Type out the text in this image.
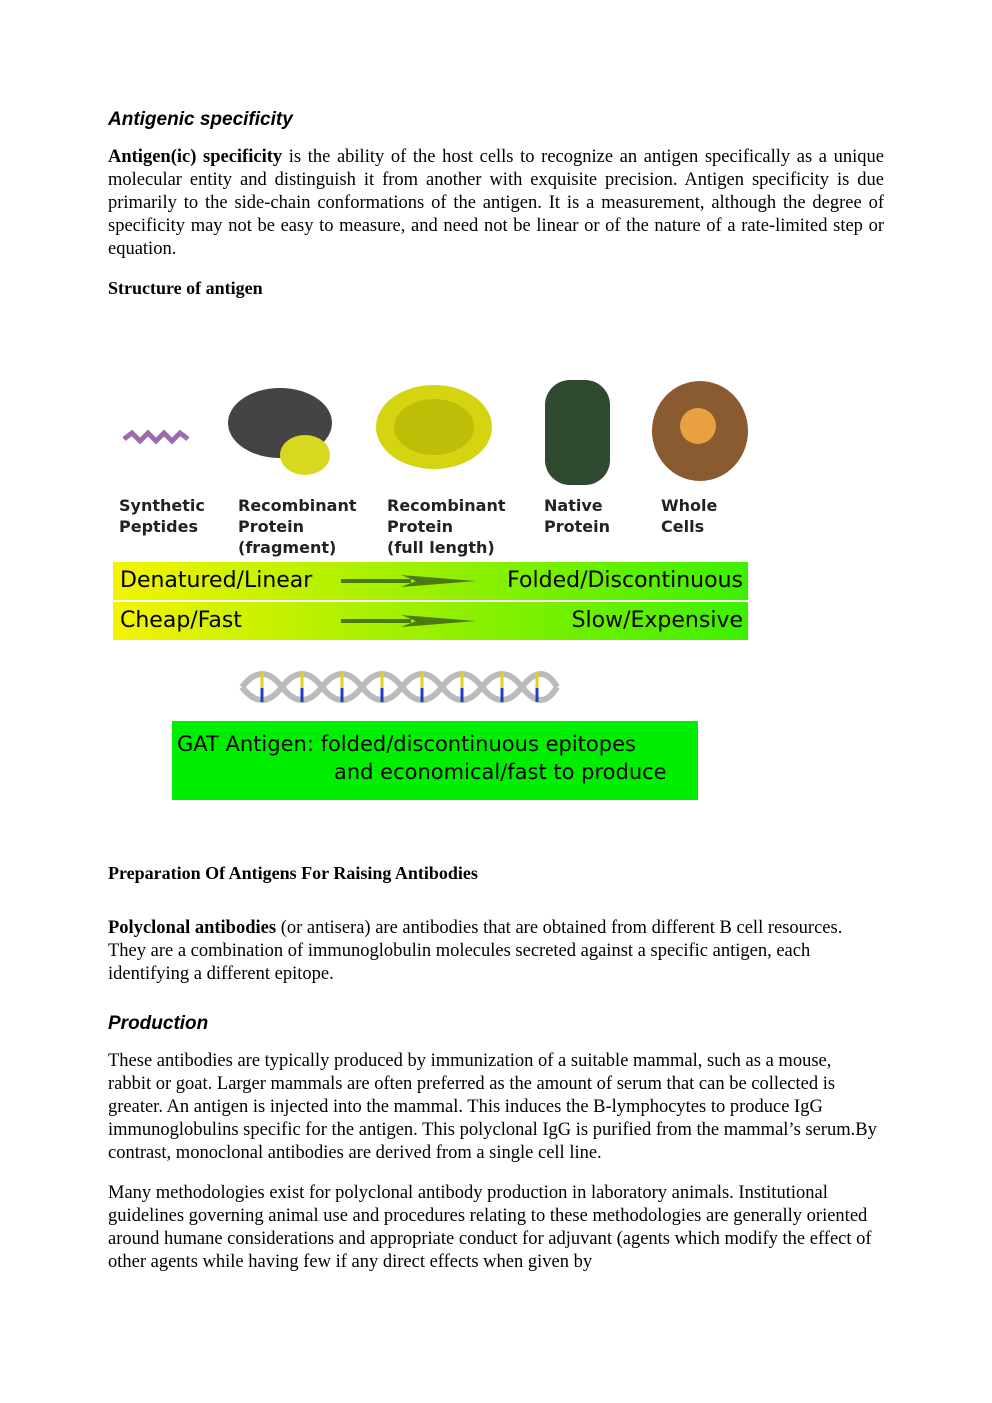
Antigenic specificity

Antigen(ic) specificity is the ability of the host cells to recognize an antigen specifically as a unique molecular entity and distinguish it from another with exquisite precision. Antigen specificity is due primarily to the side-chain conformations of the antigen. It is a measurement, although the degree of specificity may not be easy to measure, and need not be linear or of the nature of a rate-limited step or equation.

Structure of antigen
Synthetic
Peptides
Recombinant
Protein
(fragment)
Recombinant
Protein
(full length)
Native
Protein
Whole
Cells
Denatured/Linear	Folded/Discontinuous
Cheap/Fast	Slow/Expensive
GAT Antigen: folded/discontinuous epitopes
and economical/fast to produce
Preparation Of Antigens For Raising Antibodies

Polyclonal antibodies (or antisera) are antibodies that are obtained from different B cell resources. They are a combination of immunoglobulin molecules secreted against a specific antigen, each identifying a different epitope.

Production

These antibodies are typically produced by immunization of a suitable mammal, such as a mouse, rabbit or goat. Larger mammals are often preferred as the amount of serum that can be collected is greater. An antigen is injected into the mammal. This induces the B-lymphocytes to produce IgG immunoglobulins specific for the antigen. This polyclonal IgG is purified from the mammal’s serum.By contrast, monoclonal antibodies are derived from a single cell line.

Many methodologies exist for polyclonal antibody production in laboratory animals. Institutional guidelines governing animal use and procedures relating to these methodologies are generally oriented around humane considerations and appropriate conduct for adjuvant (agents which modify the effect of other agents while having few if any direct effects when given by
